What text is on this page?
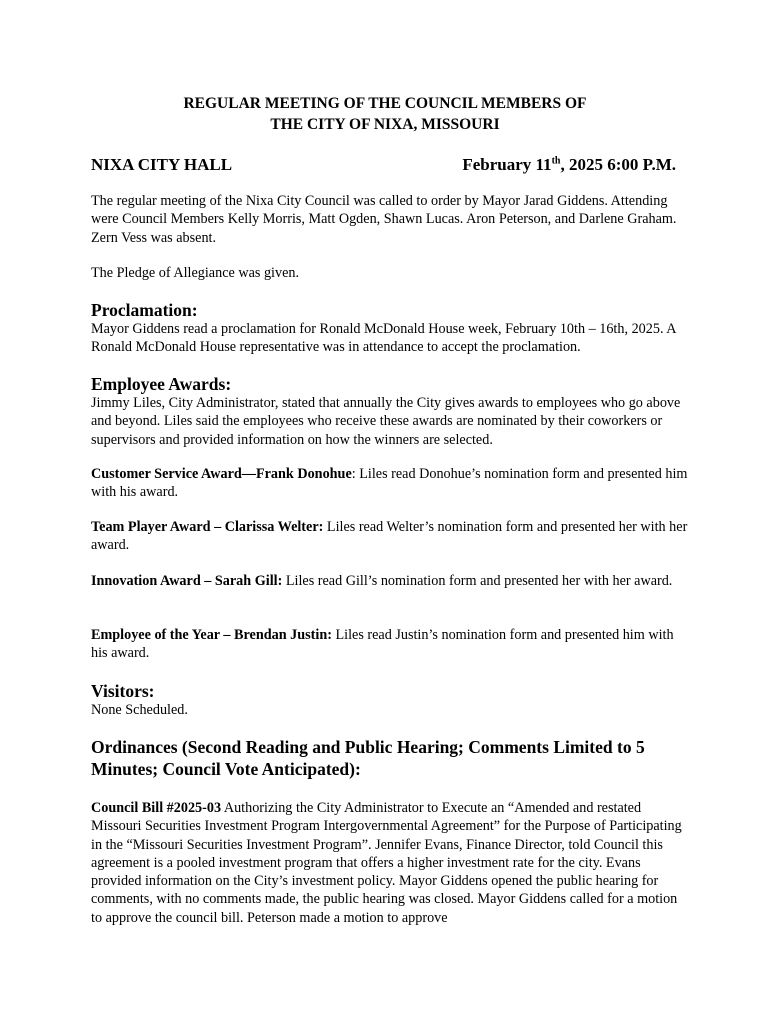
REGULAR MEETING OF THE COUNCIL MEMBERS OF
THE CITY OF NIXA, MISSOURI
NIXA CITY HALL	February 11th, 2025 6:00 P.M.

The regular meeting of the Nixa City Council was called to order by Mayor Jarad Giddens. Attending were Council Members Kelly Morris, Matt Ogden, Shawn Lucas. Aron Peterson, and Darlene Graham. Zern Vess was absent.

The Pledge of Allegiance was given.

Proclamation:

Mayor Giddens read a proclamation for Ronald McDonald House week, February 10th – 16th, 2025. A Ronald McDonald House representative was in attendance to accept the proclamation.

Employee Awards:

Jimmy Liles, City Administrator, stated that annually the City gives awards to employees who go above and beyond. Liles said the employees who receive these awards are nominated by their coworkers or supervisors and provided information on how the winners are selected.

Customer Service Award—Frank Donohue: Liles read Donohue’s nomination form and presented him with his award.

Team Player Award – Clarissa Welter: Liles read Welter’s nomination form and presented her with her award.

Innovation Award – Sarah Gill: Liles read Gill’s nomination form and presented her with her award.

Employee of the Year – Brendan Justin: Liles read Justin’s nomination form and presented him with his award.

Visitors:

None Scheduled.

Ordinances (Second Reading and Public Hearing; Comments Limited to 5 Minutes; Council Vote Anticipated):

Council Bill #2025-03 Authorizing the City Administrator to Execute an “Amended and restated Missouri Securities Investment Program Intergovernmental Agreement” for the Purpose of Participating in the “Missouri Securities Investment Program”. Jennifer Evans, Finance Director, told Council this agreement is a pooled investment program that offers a higher investment rate for the city. Evans provided information on the City’s investment policy. Mayor Giddens opened the public hearing for comments, with no comments made, the public hearing was closed. Mayor Giddens called for a motion to approve the council bill. Peterson made a motion to approve
